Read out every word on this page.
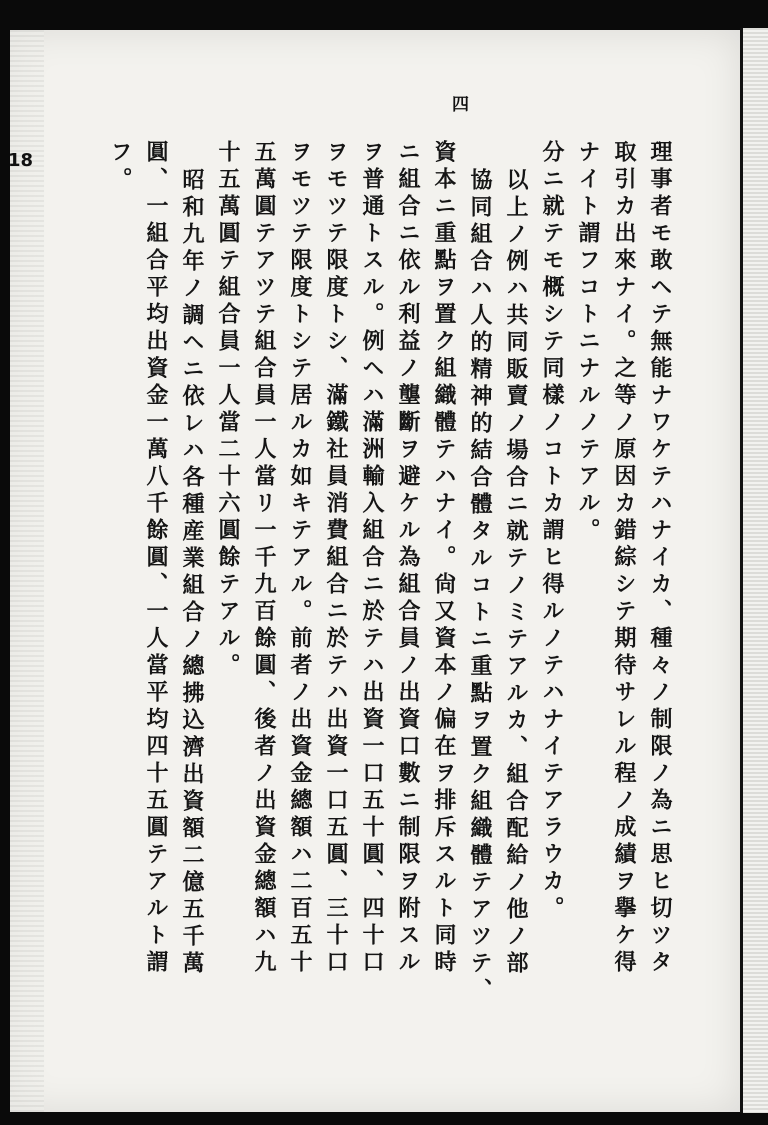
四
18	理事者モ敢ヘテ無能ナワケテハナイカ、種々ノ制限ノ為ニ思ヒ切ツタ
取引カ出來ナイ。之等ノ原因カ錯綜シテ期待サレル程ノ成績ヲ擧ケ得
ナイト謂フコトニナルノテアル。
分ニ就テモ概シテ同樣ノコトカ謂ヒ得ルノテハナイテアラウカ。
以上ノ例ハ共同販賣ノ場合ニ就テノミテアルカ、組合配給ノ他ノ部
協同組合ハ人的精神的結合體タルコトニ重點ヲ置ク組織體テアツテ、
資本ニ重點ヲ置ク組織體テハナイ。尙又資本ノ偏在ヲ排斥スルト同時
ニ組合ニ依ル利益ノ壟斷ヲ避ケル為組合員ノ出資口數ニ制限ヲ附スル
ヲ普通トスル。例ヘハ滿洲輸入組合ニ於テハ出資一口五十圓、四十口
ヲモツテ限度トシ、滿鐵社員消費組合ニ於テハ出資一口五圓、三十口
ヲモツテ限度トシテ居ルカ如キテアル。前者ノ出資金總額ハ二百五十
五萬圓テアツテ組合員一人當リ一千九百餘圓、後者ノ出資金總額ハ九
十五萬圓テ組合員一人當二十六圓餘テアル。
昭和九年ノ調ヘニ依レハ各種産業組合ノ總拂込濟出資額二億五千萬
圓、一組合平均出資金一萬八千餘圓、一人當平均四十五圓テアルト謂
フ。
